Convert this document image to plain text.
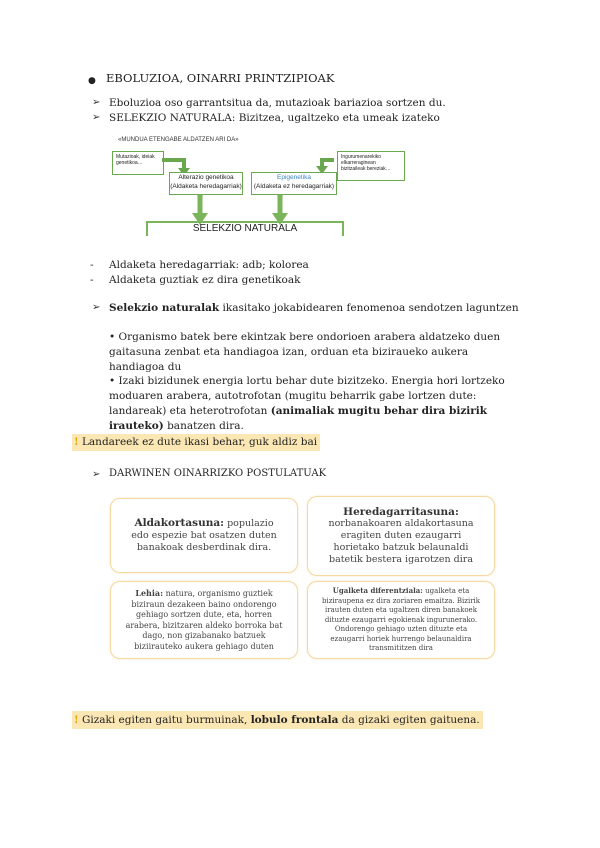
● EBOLUZIOA, OINARRI PRINTZIPIOAK
➢ Eboluzioa oso garrantsitua da, mutazioak bariazioa sortzen du.
➢ SELEKZIO NATURALA: Bizitzea, ugaltzeko eta umeak izateko
«MUNDUA ETENGABE ALDATZEN ARI DA»
Mutazioak, ideiak genetikoa…
Ingurumenarekiko elkarreraginean bizitzaileak bereziak…
Alterazio genetikoa
(Aldaketa heredagarriak)
Epigenetika
(Aldaketa ez heredagarriak)
SELEKZIO NATURALA
- Aldaketa heredagarriak: adb; kolorea
- Aldaketa guztiak ez dira genetikoak
➢ Selekzio naturalak ikasitako jokabidearen fenomenoa sendotzen laguntzen
• Organismo batek bere ekintzak bere ondorioen arabera aldatzeko duen gaitasuna zenbat eta handiagoa izan, orduan eta biziraueko aukera handiagoa du
• Izaki bizidunek energia lortu behar dute bizitzeko. Energia hori lortzeko moduaren arabera, autotrofotan (mugitu beharrik gabe lortzen dute: landareak) eta heterotrofotan (animaliak mugitu behar dira bizirik irauteko) banatzen dira.
! Landareek ez dute ikasi behar, guk aldiz bai
➢ DARWINEN OINARRIZKO POSTULATUAK
Aldakortasuna: populazio edo espezie bat osatzen duten banakoak desberdinak dira.
Heredagarritasuna:
norbanakoaren aldakortasuna eragiten duten ezaugarri horietako batzuk belaunaldi batetik bestera igarotzen dira
Lehia: natura, organismo guztiek biziraun dezakeen baino ondorengo gehiago sortzen dute, eta, horren arabera, bizitzaren aldeko borroka bat dago, non gizabanako batzuek biziirauteko aukera gehiago duten
Ugalketa diferentziala: ugalketa eta biziraupena ez dira zoriaren emaitza. Bizirik irauten duten eta ugaltzen diren banakoek dituzte ezaugarri egokienak ingurunerako. Ondorengo gehiago uzten dituzte eta ezaugarri horiek hurrengo belaunaldira transmititzen dira
! Gizaki egiten gaitu burmuinak, lobulo frontala da gizaki egiten gaituena.
